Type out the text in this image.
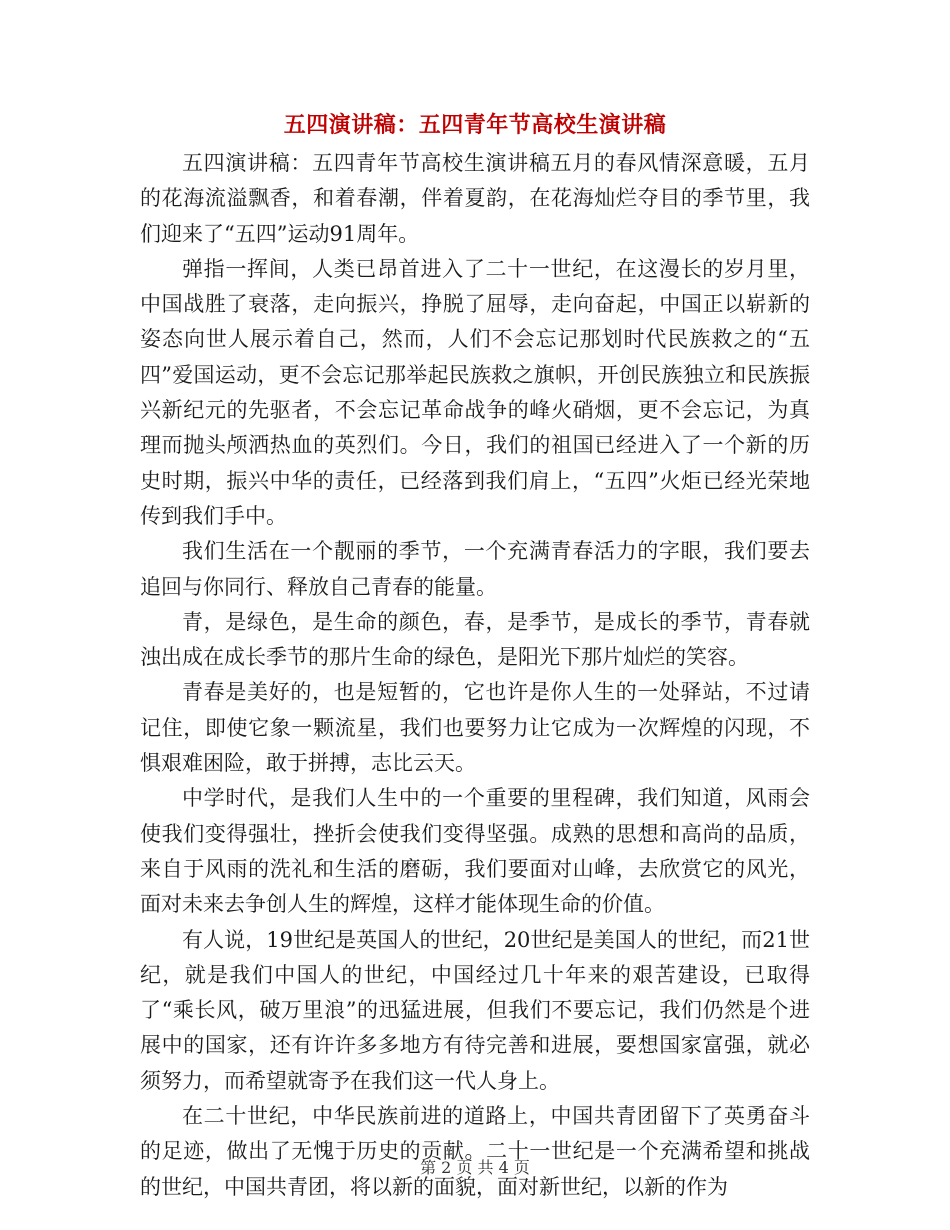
五四演讲稿：五四青年节高校生演讲稿

五四演讲稿：五四青年节高校生演讲稿五月的春风情深意暖，五月的花海流溢飘香，和着春潮，伴着夏韵，在花海灿烂夺目的季节里，我们迎来了“五四”运动91周年。

弹指一挥间，人类已昂首进入了二十一世纪，在这漫长的岁月里，中国战胜了衰落，走向振兴，挣脱了屈辱，走向奋起，中国正以崭新的姿态向世人展示着自己，然而，人们不会忘记那划时代民族救之的“五四”爱国运动，更不会忘记那举起民族救之旗帜，开创民族独立和民族振兴新纪元的先驱者，不会忘记革命战争的峰火硝烟，更不会忘记，为真理而抛头颅洒热血的英烈们。今日，我们的祖国已经进入了一个新的历史时期，振兴中华的责任，已经落到我们肩上，“五四”火炬已经光荣地传到我们手中。

我们生活在一个靓丽的季节，一个充满青春活力的字眼，我们要去追回与你同行、释放自己青春的能量。

青，是绿色，是生命的颜色，春，是季节，是成长的季节，青春就浊出成在成长季节的那片生命的绿色，是阳光下那片灿烂的笑容。

青春是美好的，也是短暂的，它也许是你人生的一处驿站，不过请记住，即使它象一颗流星，我们也要努力让它成为一次辉煌的闪现，不惧艰难困险，敢于拼搏，志比云天。

中学时代，是我们人生中的一个重要的里程碑，我们知道，风雨会使我们变得强壮，挫折会使我们变得坚强。成熟的思想和高尚的品质，来自于风雨的洗礼和生活的磨砺，我们要面对山峰，去欣赏它的风光，面对未来去争创人生的辉煌，这样才能体现生命的价值。

有人说，19世纪是英国人的世纪，20世纪是美国人的世纪，而21世纪，就是我们中国人的世纪，中国经过几十年来的艰苦建设，已取得了“乘长风，破万里浪”的迅猛进展，但我们不要忘记，我们仍然是个进展中的国家，还有许许多多地方有待完善和进展，要想国家富强，就必须努力，而希望就寄予在我们这一代人身上。

在二十世纪，中华民族前进的道路上，中国共青团留下了英勇奋斗的足迹，做出了无愧于历史的贡献。二十一世纪是一个充满希望和挑战的世纪，中国共青团，将以新的面貌，面对新世纪，以新的作为

第 2 页 共 4 页
